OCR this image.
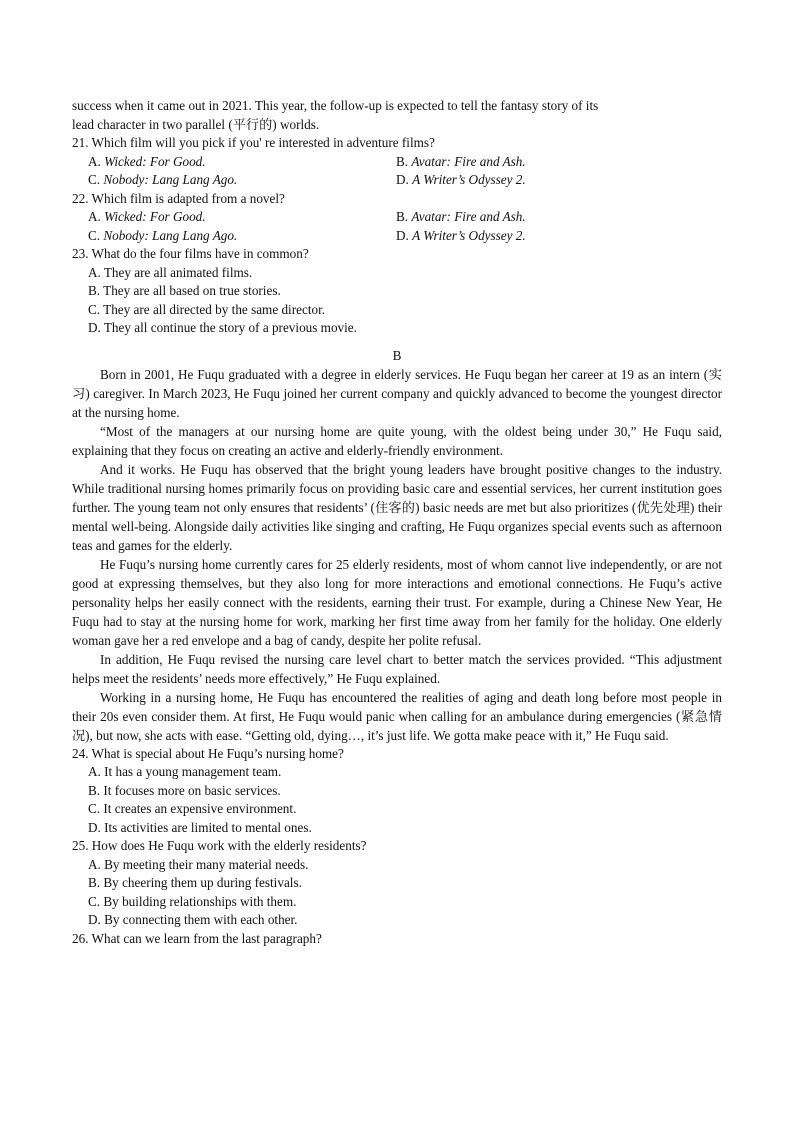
success when it came out in 2021. This year, the follow-up is expected to tell the fantasy story of its
lead character in two parallel (平行的) worlds.

21. Which film will you pick if you' re interested in adventure films?

A. Wicked: For Good.	B. Avatar: Fire and Ash.
C. Nobody: Lang Lang Ago.	D. A Writer’s Odyssey 2.

22. Which film is adapted from a novel?

A. Wicked: For Good.	B. Avatar: Fire and Ash.
C. Nobody: Lang Lang Ago.	D. A Writer’s Odyssey 2.

23. What do the four films have in common?

A. They are all animated films.

B. They are all based on true stories.

C. They are all directed by the same director.

D. They all continue the story of a previous movie.

B

Born in 2001, He Fuqu graduated with a degree in elderly services. He Fuqu began her career at 19 as an intern (实习) caregiver. In March 2023, He Fuqu joined her current company and quickly advanced to become the youngest director at the nursing home.

“Most of the managers at our nursing home are quite young, with the oldest being under 30,” He Fuqu said, explaining that they focus on creating an active and elderly-friendly environment.

And it works. He Fuqu has observed that the bright young leaders have brought positive changes to the industry. While traditional nursing homes primarily focus on providing basic care and essential services, her current institution goes further. The young team not only ensures that residents’ (住客的) basic needs are met but also prioritizes (优先处理) their mental well-being. Alongside daily activities like singing and crafting, He Fuqu organizes special events such as afternoon teas and games for the elderly.

He Fuqu’s nursing home currently cares for 25 elderly residents, most of whom cannot live independently, or are not good at expressing themselves, but they also long for more interactions and emotional connections. He Fuqu’s active personality helps her easily connect with the residents, earning their trust. For example, during a Chinese New Year, He Fuqu had to stay at the nursing home for work, marking her first time away from her family for the holiday. One elderly woman gave her a red envelope and a bag of candy, despite her polite refusal.

In addition, He Fuqu revised the nursing care level chart to better match the services provided. “This adjustment helps meet the residents’ needs more effectively,” He Fuqu explained.

Working in a nursing home, He Fuqu has encountered the realities of aging and death long before most people in their 20s even consider them. At first, He Fuqu would panic when calling for an ambulance during emergencies (紧急情况), but now, she acts with ease. “Getting old, dying…, it’s just life. We gotta make peace with it,” He Fuqu said.

24. What is special about He Fuqu’s nursing home?

A. It has a young management team.

B. It focuses more on basic services.

C. It creates an expensive environment.

D. Its activities are limited to mental ones.

25. How does He Fuqu work with the elderly residents?

A. By meeting their many material needs.

B. By cheering them up during festivals.

C. By building relationships with them.

D. By connecting them with each other.

26. What can we learn from the last paragraph?
